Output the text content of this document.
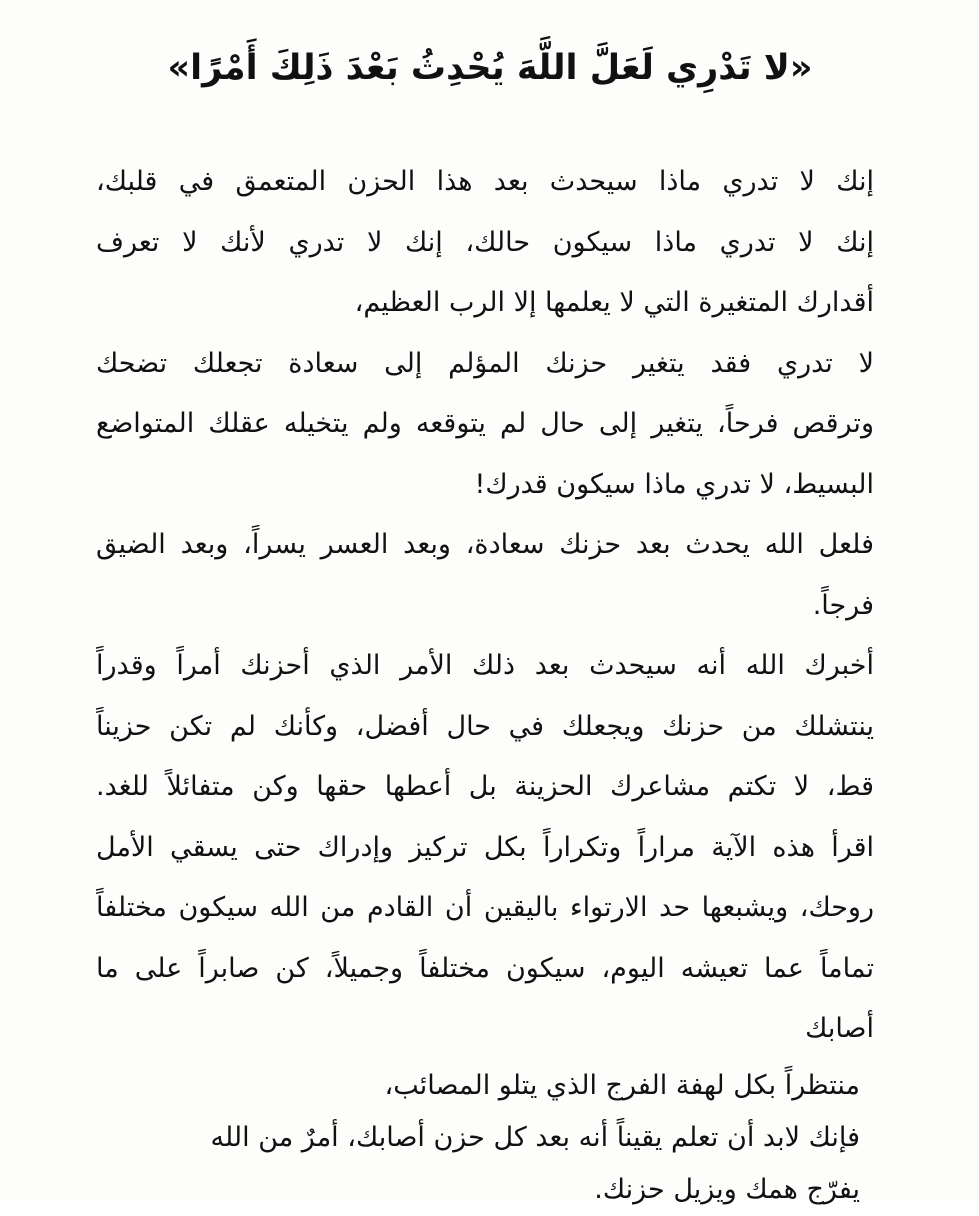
«لا تَدْرِي لَعَلَّ اللَّهَ يُحْدِثُ بَعْدَ ذَلِكَ أَمْرًا»
إنك لا تدري ماذا سيحدث بعد هذا الحزن المتعمق في قلبك،
إنك لا تدري ماذا سيكون حالك، إنك لا تدري لأنك لا تعرف
أقدارك المتغيرة التي لا يعلمها إلا الرب العظيم،
لا تدري فقد يتغير حزنك المؤلم إلى سعادة تجعلك تضحك
وترقص فرحاً، يتغير إلى حال لم يتوقعه ولم يتخيله عقلك المتواضع
البسيط، لا تدري ماذا سيكون قدرك!
فلعل الله يحدث بعد حزنك سعادة، وبعد العسر يسراً، وبعد الضيق
فرجاً.
أخبرك الله أنه سيحدث بعد ذلك الأمر الذي أحزنك أمراً وقدراً
ينتشلك من حزنك ويجعلك في حال أفضل، وكأنك لم تكن حزيناً
قط، لا تكتم مشاعرك الحزينة بل أعطها حقها وكن متفائلاً للغد.
اقرأ هذه الآية مراراً وتكراراً بكل تركيز وإدراك حتى يسقي الأمل
روحك، ويشبعها حد الارتواء باليقين أن القادم من الله سيكون مختلفاً
تماماً عما تعيشه اليوم، سيكون مختلفاً وجميلاً، كن صابراً على ما
أصابك
منتظراً بكل لهفة الفرج الذي يتلو المصائب،
فإنك لابد أن تعلم يقيناً أنه بعد كل حزن أصابك، أمرٌ من الله
يفرّج همك ويزيل حزنك.
